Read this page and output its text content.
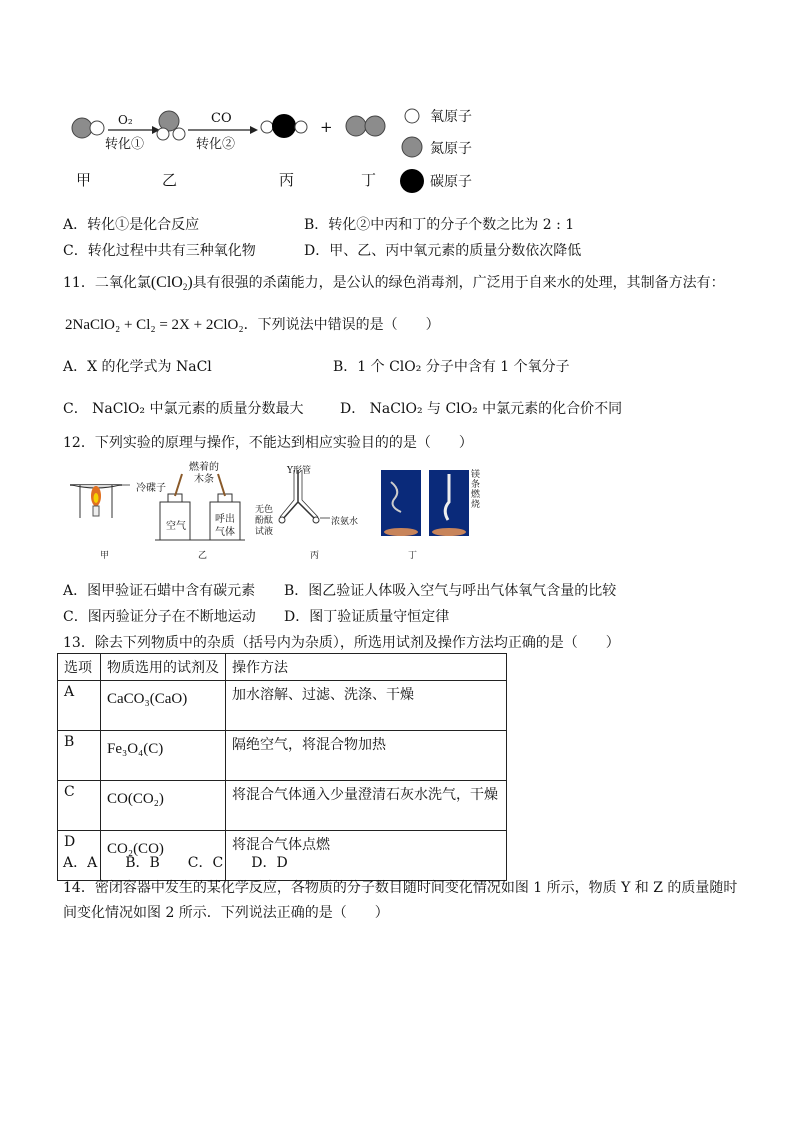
O₂
转化①
CO
转化②
+
甲	乙	丙	丁
氧原子
氮原子
碳原子
A．转化①是化合反应	B．转化②中丙和丁的分子个数之比为 2 : 1
C．转化过程中共有三种氧化物	D．甲、乙、丙中氧元素的质量分数依次降低
11．二氧化氯(ClO$_2$)具有很强的杀菌能力，是公认的绿色消毒剂，广泛用于自来水的处理，其制备方法有：
2NaClO₂ + Cl₂ = 2X + 2ClO₂．下列说法中错误的是（　　）
A．X 的化学式为 NaCl	B．1 个 ClO₂ 分子中含有 1 个氧分子
C． NaClO₂ 中氯元素的质量分数最大	D． NaClO₂ 与 ClO₂ 中氯元素的化合价不同
12．下列实验的原理与操作，不能达到相应实验目的的是（　　）
冷碟子
燃着的
木条
空气
呼出
气体
Y形管
无色
酚酞
试液
浓氨水
镁条燃烧
甲	乙	丙	丁
A．图甲验证石蜡中含有碳元素 B．图乙验证人体吸入空气与呼出气体氧气含量的比较
C．图丙验证分子在不断地运动 D．图丁验证质量守恒定律
13．除去下列物质中的杂质（括号内为杂质），所选用试剂及操作方法均正确的是（　　）
选项	物质选用的试剂及	操作方法
A	CaCO₃(CaO)	加水溶解、过滤、洗涤、干燥
B	Fe₃O₄(C)	隔绝空气，将混合物加热
C	CO(CO₂)	将混合气体通入少量澄清石灰水洗气，干燥
D	CO₂(CO)	将混合气体点燃
A．A　　B．B　　C．C　　D．D
14．密闭容器中发生的某化学反应，各物质的分子数目随时间变化情况如图 1 所示，物质 Y 和 Z 的质量随时
间变化情况如图 2 所示．下列说法正确的是（　　）
